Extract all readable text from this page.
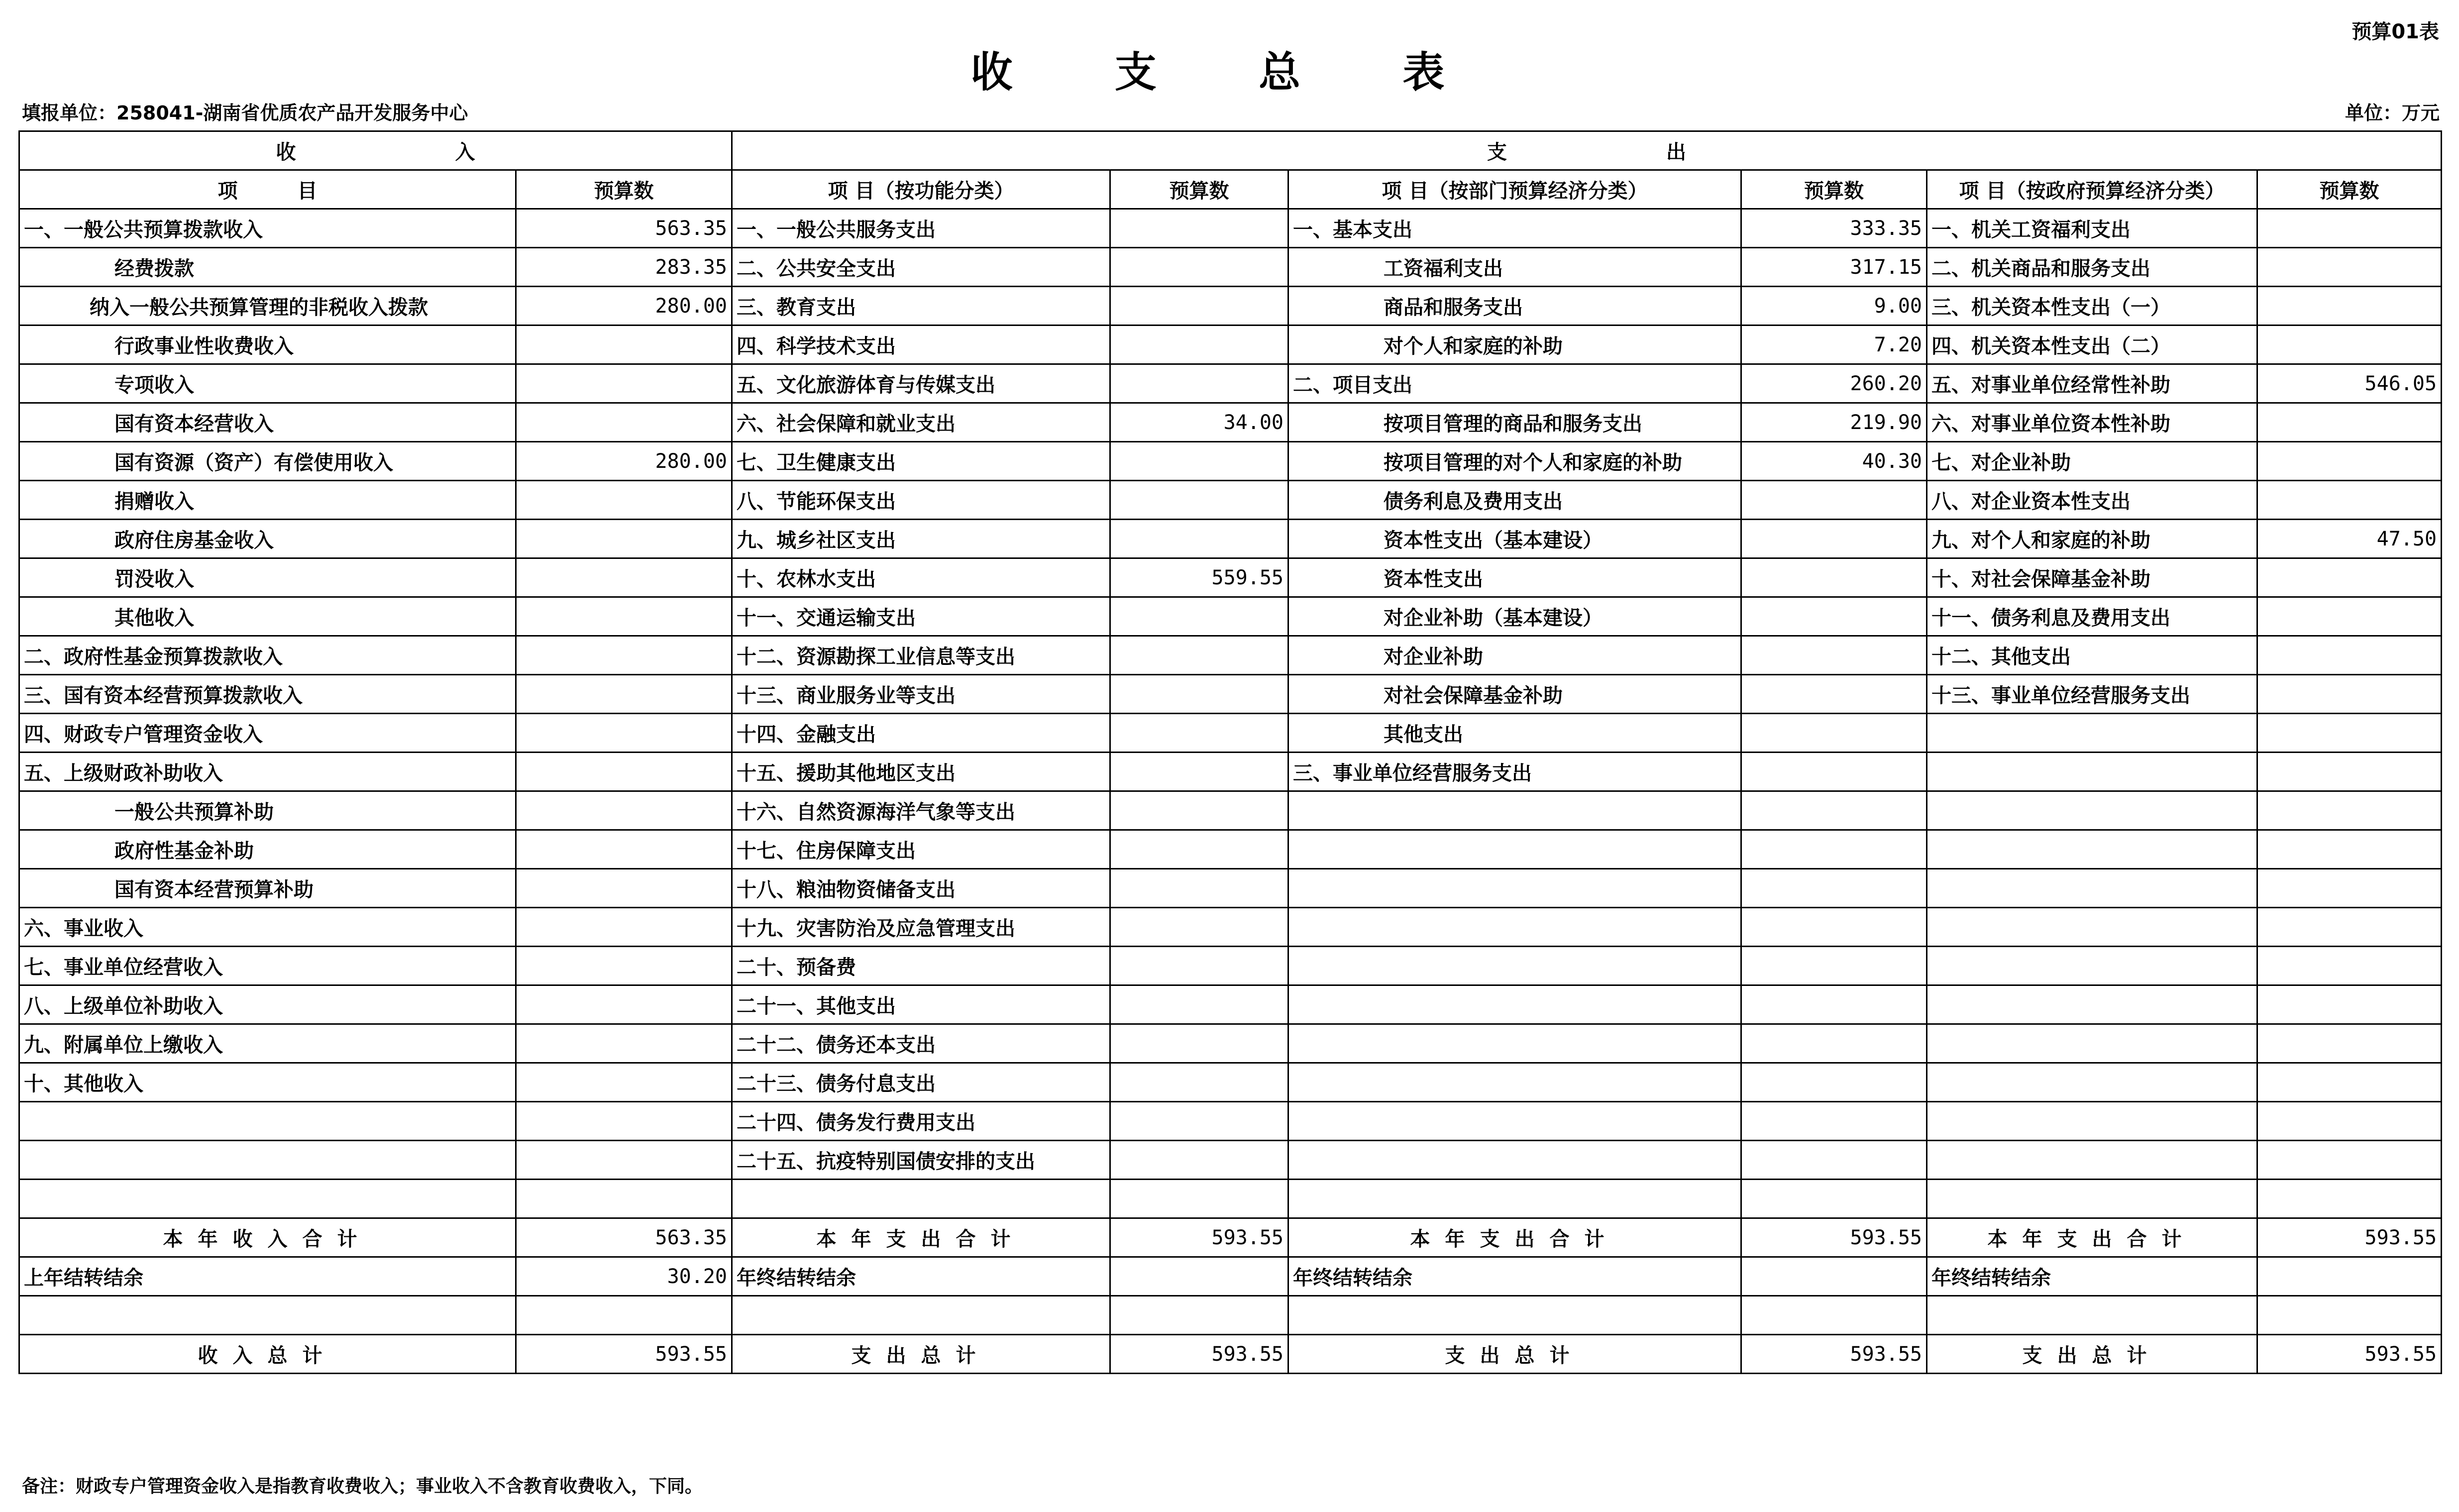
预算01表
收 支 总 表
填报单位：258041-湖南省优质农产品开发服务中心	单位：万元
收　　　　　　　　入		支　　　　　　　　出					
项　　　目	预算数	项 目（按功能分类）	预算数	项 目（按部门预算经济分类）	预算数	项 目（按政府预算经济分类）	预算数
一、一般公共预算拨款收入	563.35	一、一般公共服务支出		一、基本支出	333.35	一、机关工资福利支出	
经费拨款	283.35	二、公共安全支出		工资福利支出	317.15	二、机关商品和服务支出	
纳入一般公共预算管理的非税收入拨款	280.00	三、教育支出		商品和服务支出	9.00	三、机关资本性支出（一）	
行政事业性收费收入		四、科学技术支出		对个人和家庭的补助	7.20	四、机关资本性支出（二）	
专项收入		五、文化旅游体育与传媒支出		二、项目支出	260.20	五、对事业单位经常性补助	546.05
国有资本经营收入		六、社会保障和就业支出	34.00	按项目管理的商品和服务支出	219.90	六、对事业单位资本性补助	
国有资源（资产）有偿使用收入	280.00	七、卫生健康支出		按项目管理的对个人和家庭的补助	40.30	七、对企业补助	
捐赠收入		八、节能环保支出		债务利息及费用支出		八、对企业资本性支出	
政府住房基金收入		九、城乡社区支出		资本性支出（基本建设）		九、对个人和家庭的补助	47.50
罚没收入		十、农林水支出	559.55	资本性支出		十、对社会保障基金补助	
其他收入		十一、交通运输支出		对企业补助（基本建设）		十一、债务利息及费用支出	
二、政府性基金预算拨款收入		十二、资源勘探工业信息等支出		对企业补助		十二、其他支出	
三、国有资本经营预算拨款收入		十三、商业服务业等支出		对社会保障基金补助		十三、事业单位经营服务支出	
四、财政专户管理资金收入		十四、金融支出		其他支出			
五、上级财政补助收入		十五、援助其他地区支出		三、事业单位经营服务支出			
一般公共预算补助		十六、自然资源海洋气象等支出					
政府性基金补助		十七、住房保障支出					
国有资本经营预算补助		十八、粮油物资储备支出					
六、事业收入		十九、灾害防治及应急管理支出					
七、事业单位经营收入		二十、预备费					
八、上级单位补助收入		二十一、其他支出					
九、附属单位上缴收入		二十二、债务还本支出					
十、其他收入		二十三、债务付息支出					
		二十四、债务发行费用支出					
		二十五、抗疫特别国债安排的支出					

本年收入合计	563.35	本年支出合计	593.55	本年支出合计	593.55	本年支出合计	593.55
上年结转结余	30.20	年终结转结余		年终结转结余		年终结转结余	

收入总计	593.55	支出总计	593.55	支出总计	593.55	支出总计	593.55
备注：财政专户管理资金收入是指教育收费收入；事业收入不含教育收费收入，下同。
